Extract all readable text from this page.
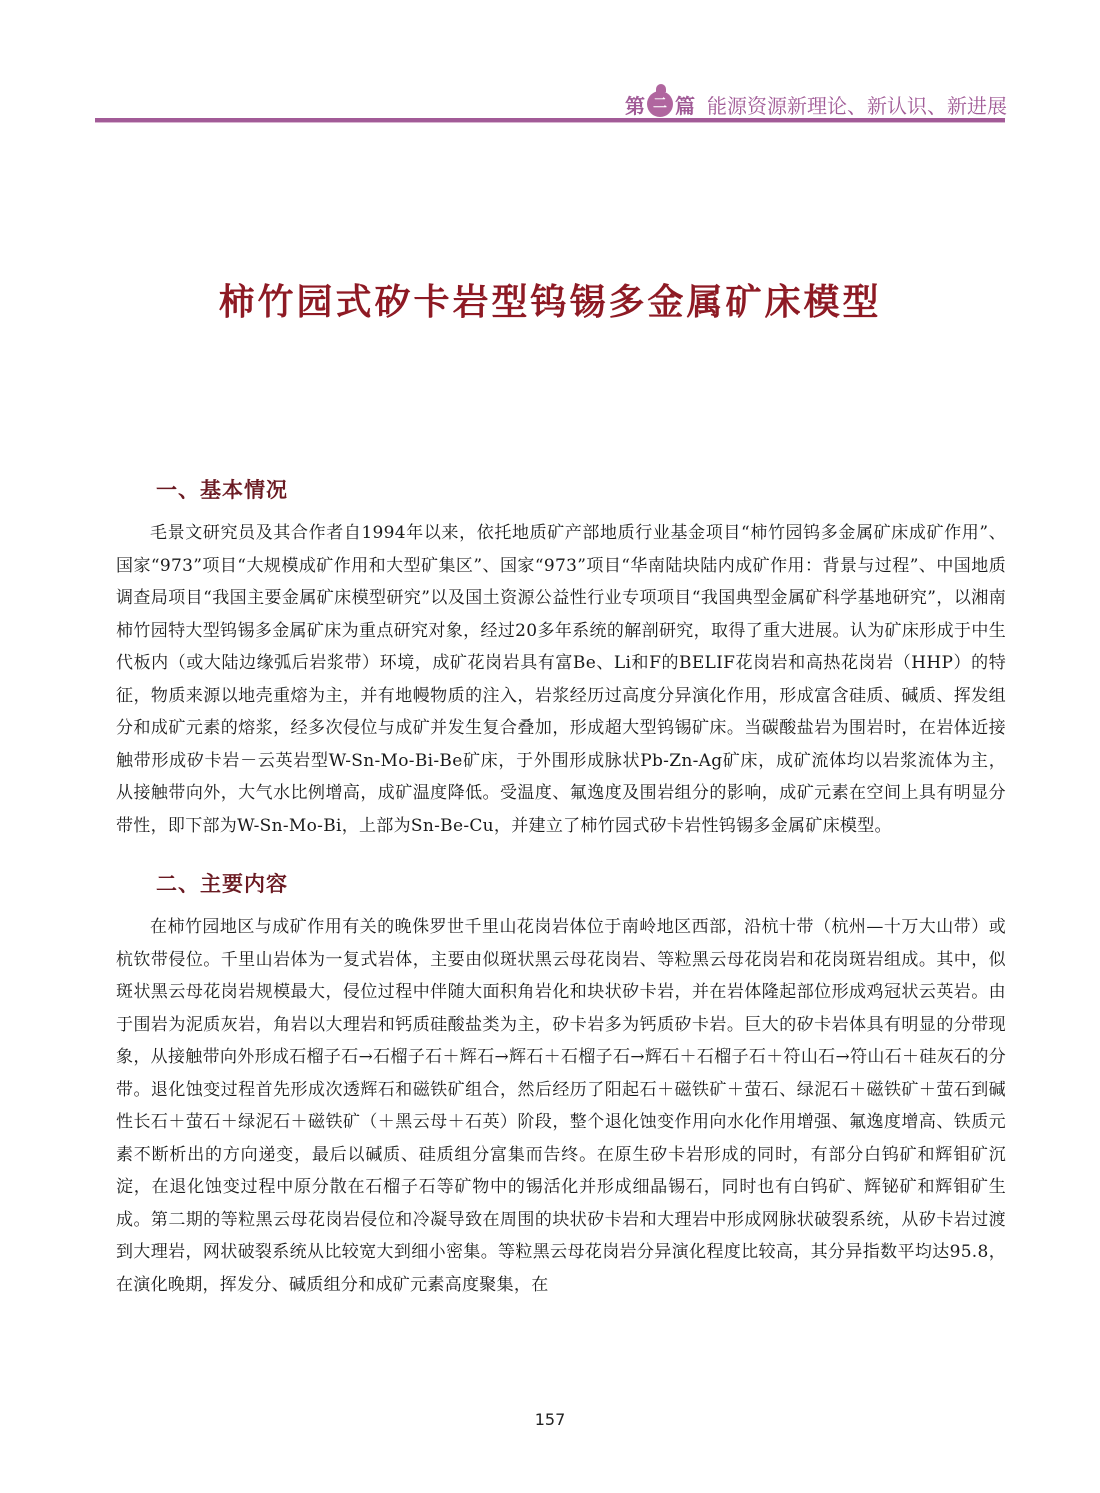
第 二 篇 能源资源新理论、新认识、新进展
柿竹园式矽卡岩型钨锡多金属矿床模型
一、基本情况

毛景文研究员及其合作者自1994年以来，依托地质矿产部地质行业基金项目“柿竹园钨多金属矿床成矿作用”、国家“973”项目“大规模成矿作用和大型矿集区”、国家“973”项目“华南陆块陆内成矿作用：背景与过程”、中国地质调查局项目“我国主要金属矿床模型研究”以及国土资源公益性行业专项项目“我国典型金属矿科学基地研究”，以湘南柿竹园特大型钨锡多金属矿床为重点研究对象，经过20多年系统的解剖研究，取得了重大进展。认为矿床形成于中生代板内（或大陆边缘弧后岩浆带）环境，成矿花岗岩具有富Be、Li和F的BELIF花岗岩和高热花岗岩（HHP）的特征，物质来源以地壳重熔为主，并有地幔物质的注入，岩浆经历过高度分异演化作用，形成富含硅质、碱质、挥发组分和成矿元素的熔浆，经多次侵位与成矿并发生复合叠加，形成超大型钨锡矿床。当碳酸盐岩为围岩时，在岩体近接触带形成矽卡岩－云英岩型W-Sn-Mo-Bi-Be矿床，于外围形成脉状Pb-Zn-Ag矿床，成矿流体均以岩浆流体为主，从接触带向外，大气水比例增高，成矿温度降低。受温度、氟逸度及围岩组分的影响，成矿元素在空间上具有明显分带性，即下部为W-Sn-Mo-Bi，上部为Sn-Be-Cu，并建立了柿竹园式矽卡岩性钨锡多金属矿床模型。

二、主要内容

在柿竹园地区与成矿作用有关的晚侏罗世千里山花岗岩体位于南岭地区西部，沿杭十带（杭州—十万大山带）或杭钦带侵位。千里山岩体为一复式岩体，主要由似斑状黑云母花岗岩、等粒黑云母花岗岩和花岗斑岩组成。其中，似斑状黑云母花岗岩规模最大，侵位过程中伴随大面积角岩化和块状矽卡岩，并在岩体隆起部位形成鸡冠状云英岩。由于围岩为泥质灰岩，角岩以大理岩和钙质硅酸盐类为主，矽卡岩多为钙质矽卡岩。巨大的矽卡岩体具有明显的分带现象，从接触带向外形成石榴子石→石榴子石＋辉石→辉石＋石榴子石→辉石＋石榴子石＋符山石→符山石＋硅灰石的分带。退化蚀变过程首先形成次透辉石和磁铁矿组合，然后经历了阳起石＋磁铁矿＋萤石、绿泥石＋磁铁矿＋萤石到碱性长石＋萤石＋绿泥石＋磁铁矿（＋黑云母＋石英）阶段，整个退化蚀变作用向水化作用增强、氟逸度增高、铁质元素不断析出的方向递变，最后以碱质、硅质组分富集而告终。在原生矽卡岩形成的同时，有部分白钨矿和辉钼矿沉淀，在退化蚀变过程中原分散在石榴子石等矿物中的锡活化并形成细晶锡石，同时也有白钨矿、辉铋矿和辉钼矿生成。第二期的等粒黑云母花岗岩侵位和冷凝导致在周围的块状矽卡岩和大理岩中形成网脉状破裂系统，从矽卡岩过渡到大理岩，网状破裂系统从比较宽大到细小密集。等粒黑云母花岗岩分异演化程度比较高，其分异指数平均达95.8，在演化晚期，挥发分、碱质组分和成矿元素高度聚集，在

157
